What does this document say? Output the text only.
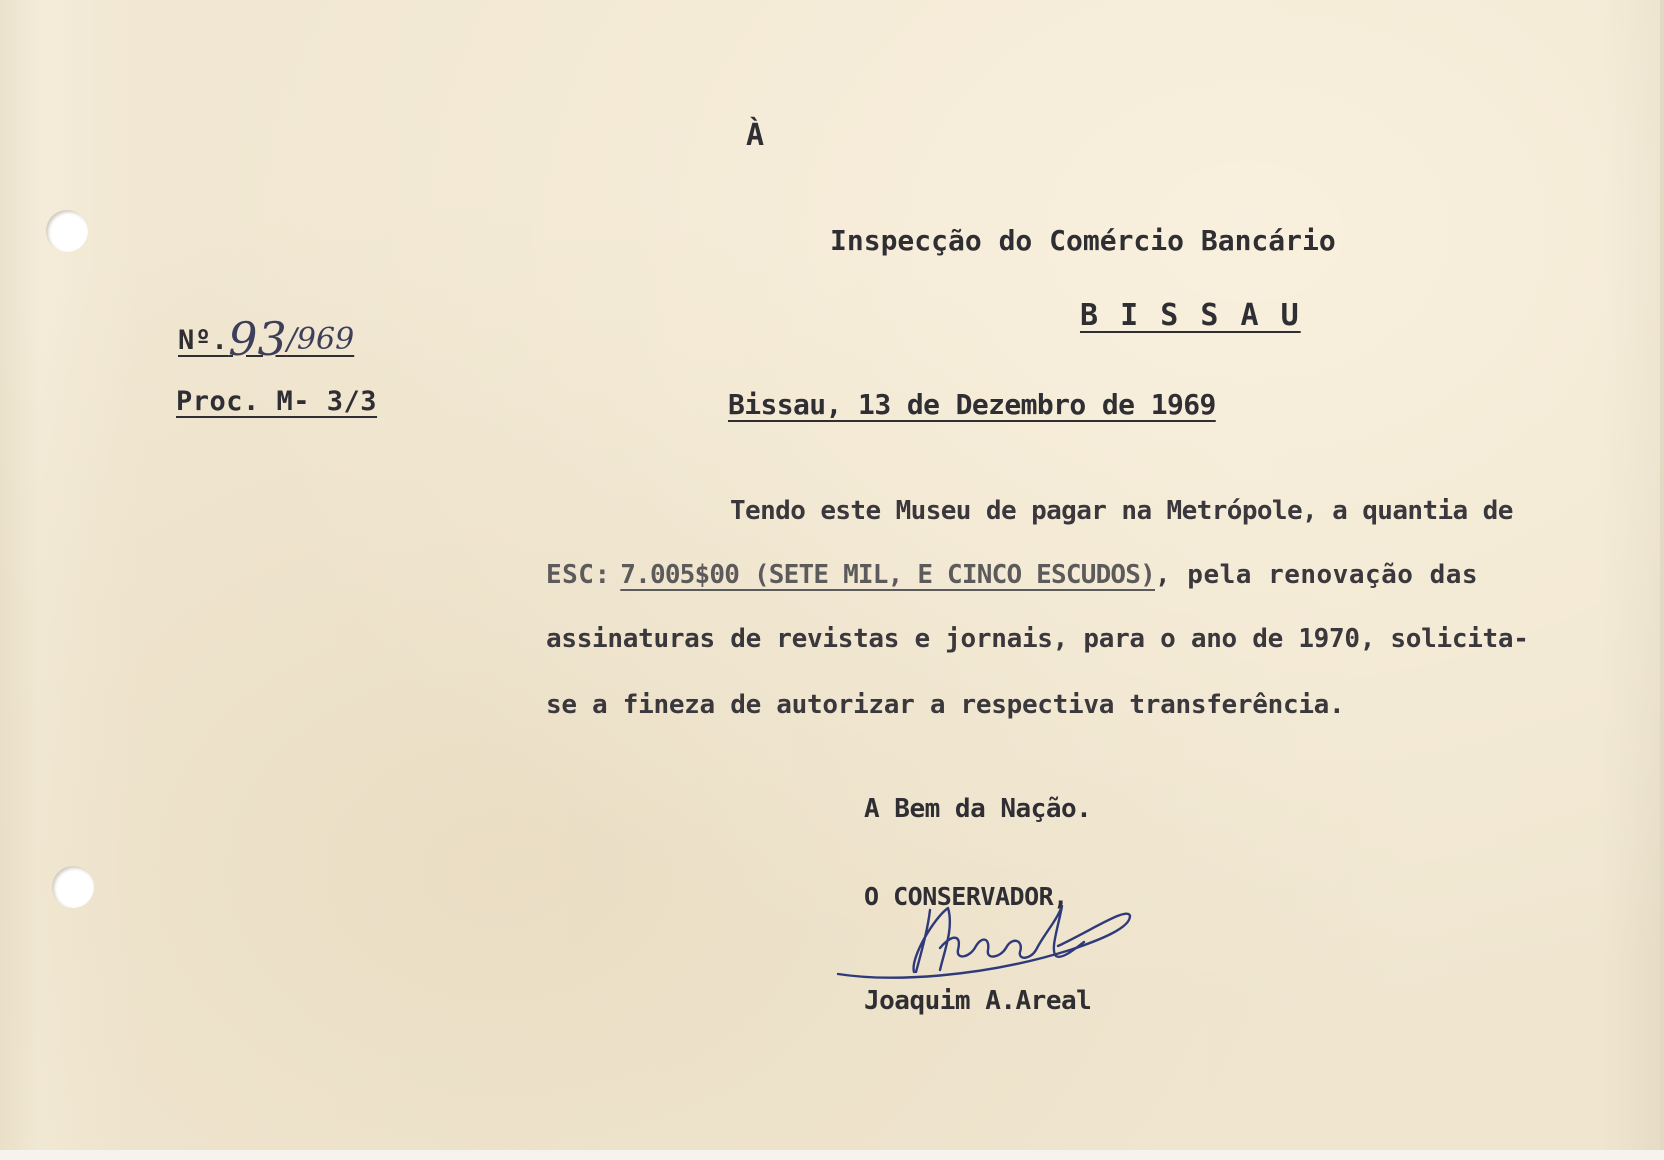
À
Inspecção do Comércio Bancário
B I S S A U
Nº.93/969
Proc. M- 3/3	Bissau, 13 de Dezembro de 1969
Tendo este Museu de pagar na Metrópole, a quantia de
ESC: 7.005$00 (SETE MIL, E CINCO ESCUDOS), pela renovação das
assinaturas de revistas e jornais, para o ano de 1970, solicita-
se a fineza de autorizar a respectiva transferência.
A Bem da Nação.
O CONSERVADOR,
Joaquim A.Areal
